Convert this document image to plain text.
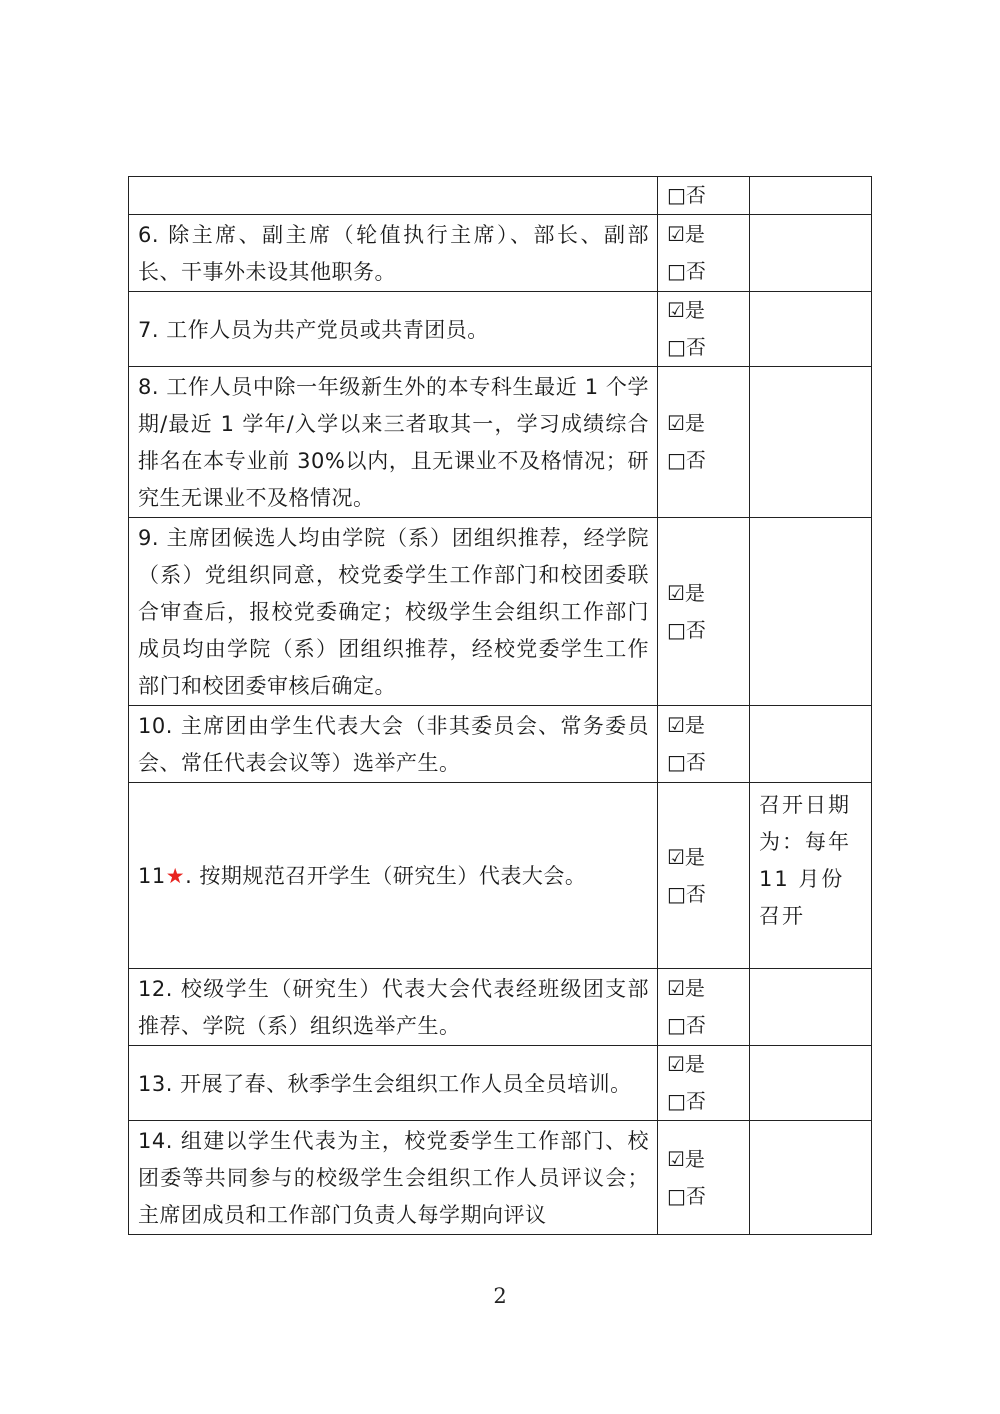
	□否	

6. 除主席、副主席（轮值执行主席）、部长、副部长、干事外未设其他职务。	☑是
□否	

7. 工作人员为共产党员或共青团员。	☑是
□否	

8. 工作人员中除一年级新生外的本专科生最近 1 个学期/最近 1 学年/入学以来三者取其一，学习成绩综合排名在本专业前 30%以内，且无课业不及格情况；研究生无课业不及格情况。	☑是
□否	

9. 主席团候选人均由学院（系）团组织推荐，经学院（系）党组织同意，校党委学生工作部门和校团委联合审查后，报校党委确定；校级学生会组织工作部门成员均由学院（系）团组织推荐，经校党委学生工作部门和校团委审核后确定。	☑是
□否	

10. 主席团由学生代表大会（非其委员会、常务委员会、常任代表会议等）选举产生。	☑是
□否	

11★. 按期规范召开学生（研究生）代表大会。	☑是
□否	召开日期为：每年 11 月份召开
12. 校级学生（研究生）代表大会代表经班级团支部推荐、学院（系）组织选举产生。	☑是
□否	

13. 开展了春、秋季学生会组织工作人员全员培训。	☑是
□否	

14. 组建以学生代表为主，校党委学生工作部门、校团委等共同参与的校级学生会组织工作人员评议会；主席团成员和工作部门负责人每学期向评议	☑是
□否	

2
